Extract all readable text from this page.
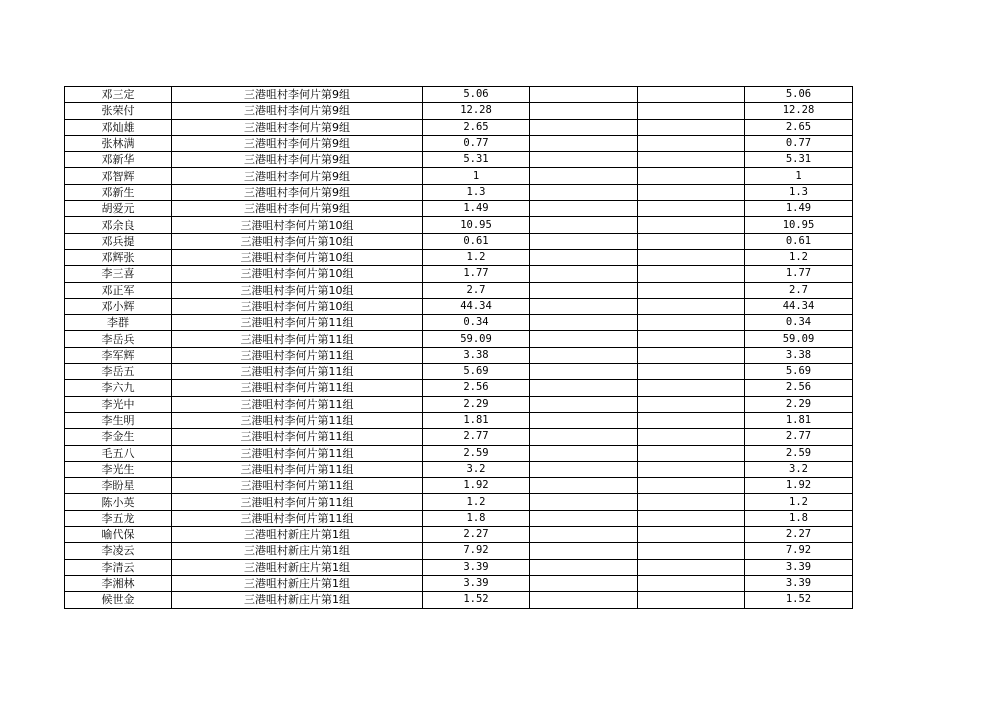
邓三定	三港咀村李何片第9组	5.06			5.06
张荣付	三港咀村李何片第9组	12.28			12.28
邓灿雄	三港咀村李何片第9组	2.65			2.65
张林满	三港咀村李何片第9组	0.77			0.77
邓新华	三港咀村李何片第9组	5.31			5.31
邓智辉	三港咀村李何片第9组	1			1
邓新生	三港咀村李何片第9组	1.3			1.3
胡爱元	三港咀村李何片第9组	1.49			1.49
邓余良	三港咀村李何片第10组	10.95			10.95
邓兵提	三港咀村李何片第10组	0.61			0.61
邓辉张	三港咀村李何片第10组	1.2			1.2
李三喜	三港咀村李何片第10组	1.77			1.77
邓正军	三港咀村李何片第10组	2.7			2.7
邓小辉	三港咀村李何片第10组	44.34			44.34
李群	三港咀村李何片第11组	0.34			0.34
李岳兵	三港咀村李何片第11组	59.09			59.09
李军辉	三港咀村李何片第11组	3.38			3.38
李岳五	三港咀村李何片第11组	5.69			5.69
李六九	三港咀村李何片第11组	2.56			2.56
李光中	三港咀村李何片第11组	2.29			2.29
李生明	三港咀村李何片第11组	1.81			1.81
李金生	三港咀村李何片第11组	2.77			2.77
毛五八	三港咀村李何片第11组	2.59			2.59
李光生	三港咀村李何片第11组	3.2			3.2
李盼星	三港咀村李何片第11组	1.92			1.92
陈小英	三港咀村李何片第11组	1.2			1.2
李五龙	三港咀村李何片第11组	1.8			1.8
喻代保	三港咀村新庄片第1组	2.27			2.27
李凌云	三港咀村新庄片第1组	7.92			7.92
李清云	三港咀村新庄片第1组	3.39			3.39
李湘林	三港咀村新庄片第1组	3.39			3.39
候世金	三港咀村新庄片第1组	1.52			1.52
